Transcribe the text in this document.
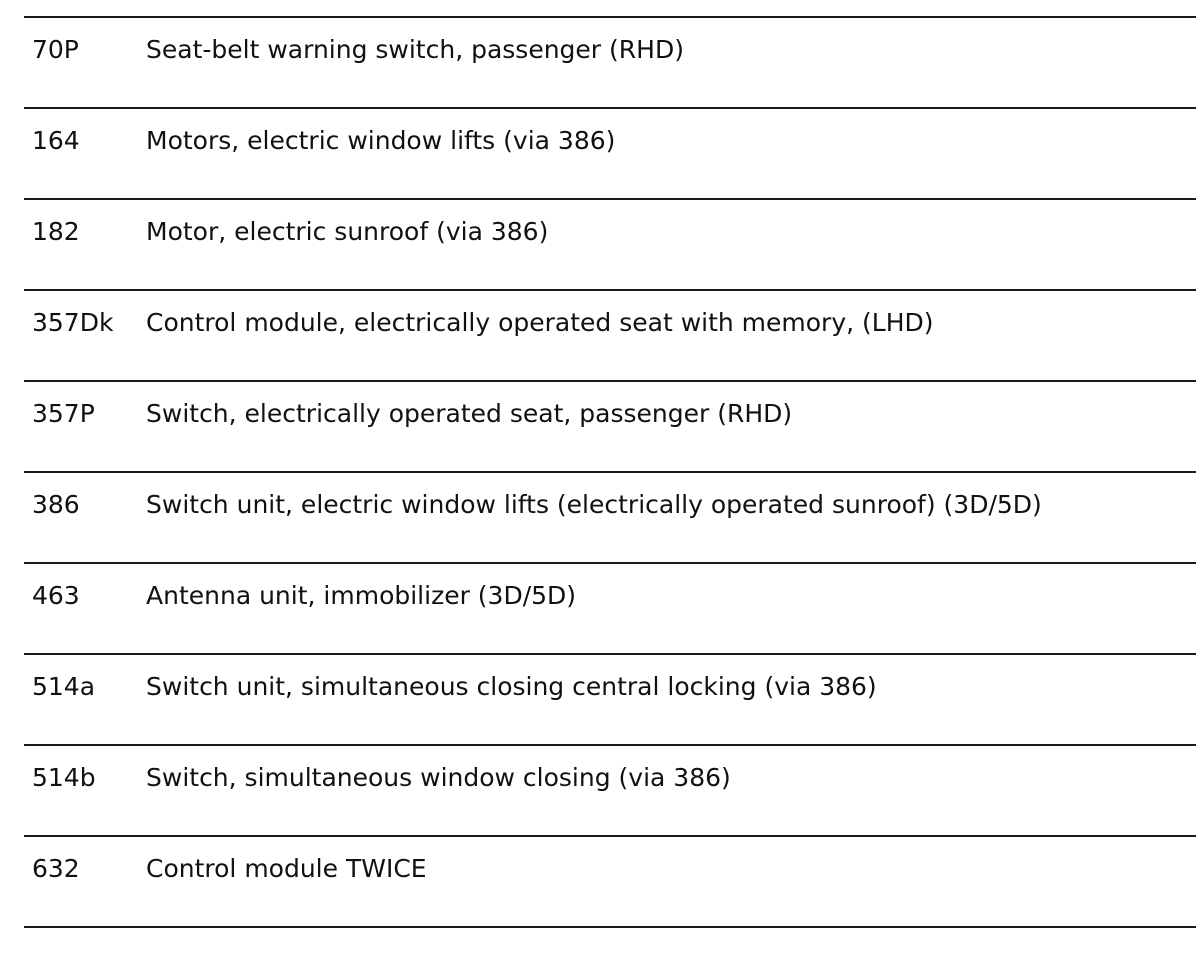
70P	Seat-belt warning switch, passenger (RHD)
164	Motors, electric window lifts (via 386)
182	Motor, electric sunroof (via 386)
357Dk Control module, electrically operated seat with memory, (LHD)
357P Switch, electrically operated seat, passenger (RHD)
386	Switch unit, electric window lifts (electrically operated sunroof) (3D/5D)
463	Antenna unit, immobilizer (3D/5D)
514a Switch unit, simultaneous closing central locking (via 386)
514b Switch, simultaneous window closing (via 386)
632	Control module TWICE
